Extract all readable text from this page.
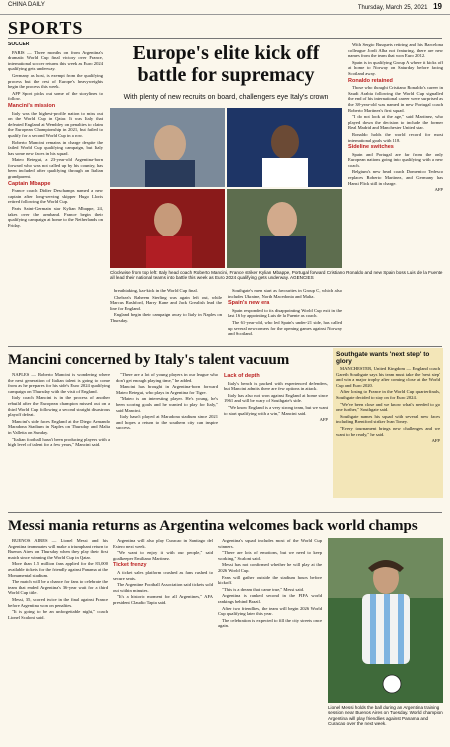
CHINA DAILY	Thursday, March 25, 2021 19
SPORTS
SOCCER

PARIS — Three months on from Argentina's dramatic World Cup final victory over France, international soccer returns this week as Euro 2024 qualifying gets underway.

Germany as host, is exempt from the qualifying process but the rest of Europe's heavyweights begin the process this week.

AFP Sport picks out some of the storylines to follow.

Mancini's mission

Italy was the highest-profile nation to miss out on the World Cup in Qatar. It was Italy that defeated England at Wembley on penalties to claim the European Championship in 2021, but failed to qualify for a second World Cup in a row.

Roberto Mancini remains in charge despite the failed World Cup qualifying campaign, but Italy has some new faces in his squad.

Mateo Retegui, a 23-year-old Argentina-born forward who was not called up by his country, has been included after qualifying through an Italian grandparent.

Captain Mbappe

France coach Didier Deschamps named a new captain after long-serving skipper Hugo Lloris retired following the World Cup.

Paris Saint-Germain star Kylian Mbappe, 24, takes over the armband. France begin their qualifying campaign at home to the Netherlands on Friday.

Europe's elite kick off battle for supremacy
With plenty of new recruits on board, challengers eye Italy's crown
Clockwise from top left: Italy head coach Roberto Mancini, France striker Kylian Mbappe, Portugal forward Cristiano Ronaldo and new Spain boss Luis de la Fuente all lead their national teams into battle this week as Euro 2024 qualifying gets underway. AGENCIES

breathtaking, kar-kick in the World Cup final.

Chelsea's Raheem Sterling was again left out, while Marcus Rashford, Harry Kane and Jack Grealish lead the line for England.

England begin their campaign away to Italy in Naples on Thursday.

Southgate's men start as favourites in Group C, which also includes Ukraine, North Macedonia and Malta.

Spain's new era

Spain responded to its disappointing World Cup exit in the last 16 by appointing Luis de la Fuente as coach.

The 61-year-old, who led Spain's under-21 side, has called up several newcomers for the opening games against Norway and Scotland.

With Sergio Busquets retiring and his Barcelona colleague Jordi Alba not featuring, there are new names from the team that won Euro 2012.

Spain is in qualifying Group A where it kicks off at home to Norway on Saturday before facing Scotland away.

Ronaldo retained

Those who thought Cristiano Ronaldo's career in Saudi Arabia following the World Cup signalled the end of his international career were surprised as the 38-year-old was named in new Portugal coach Roberto Martinez's first squad.

"I do not look at the age," said Martinez, who played down the decision to include the former Real Madrid and Manchester United star.

Ronaldo holds the world record for most international goals with 118.

Sideline switches

Spain and Portugal are far from the only European nations going into qualifying with a new coach.

Belgium's new head coach Domenico Tedesco replaces Roberto Martinez, and Germany has Hansi Flick still in charge.

AFP

Mancini concerned by Italy's talent vacuum

NAPLES — Roberto Mancini is wondering where the next generation of Italian talent is going to come from as he prepares for his side's Euro 2024 qualifying campaign on Thursday with the visit of England.

Italy coach Mancini is in the process of another rebuild after the European champion missed out on a third World Cup following a second straight disastrous playoff defeat.

Mancini's side faces England at the Diego Armando Maradona Stadium in Naples on Thursday and Malta in Valletta on Sunday.

"Italian football hasn't been producing players with a high level of talent for a few years," Mancini said.

"There are a lot of young players in our league who don't get enough playing time," he added.

Mancini has brought in Argentina-born forward Mateo Retegui, who plays in Argentina for Tigre.

"Mateo is an interesting player. He's young, he's been scoring goals and he wanted to play for Italy," said Mancini.

Italy hasn't played at Maradona stadium since 2021 and hopes a return to the southern city can inspire success.

Lack of depth

Italy's bench is packed with experienced defenders, but Mancini admits there are few options in attack.

Italy has also not won against England at home since 1961 and will be wary of Southgate's side.

"We know England is a very strong team, but we want to start qualifying with a win," Mancini said.

AFP

Southgate wants 'next step' to glory

MANCHESTER, United Kingdom — England coach Gareth Southgate says his team must take the 'next step' and win a major trophy after coming close at the World Cup and Euro 2020.

After losing to France in the World Cup quarterfinals, Southgate decided to stay on for Euro 2024.

"We've been close and we know what's needed to go one further," Southgate said.

Southgate names his squad with several new faces including Brentford striker Ivan Toney.

"Every tournament brings new challenges and we want to be ready," he said.

AFP

Messi mania returns as Argentina welcomes back world champs

BUENOS AIRES — Lionel Messi and his Argentina teammates will make a triumphant return to Buenos Aires on Thursday when they play their first match since winning the World Cup in Qatar.

More than 1.5 million fans applied for the 83,000 available tickets for the friendly against Panama at the Monumental stadium.

The match will be a chance for fans to celebrate the team that ended Argentina's 36-year wait for a third World Cup title.

Messi, 35, scored twice in the final against France before Argentina won on penalties.

"It is going to be an unforgettable night," coach Lionel Scaloni said.

Argentina will also play Curacao in Santiago del Estero next week.

"We want to enjoy it with our people," said goalkeeper Emiliano Martinez.

Ticket frenzy

A ticket sales platform crashed as fans rushed to secure seats.

The Argentine Football Association said tickets sold out within minutes.

"It's a historic moment for all Argentines," AFA president Claudio Tapia said.

Argentina's squad includes most of the World Cup winners.

"There are lots of emotions, but we need to keep working," Scaloni said.

Messi has not confirmed whether he will play at the 2026 World Cup.

Fans will gather outside the stadium hours before kickoff.

"This is a dream that came true," Messi said.

Argentina is ranked second in the FIFA world rankings behind Brazil.

After two friendlies, the team will begin 2026 World Cup qualifying later this year.

The celebration is expected to fill the city streets once again.

Lionel Messi holds the ball during an Argentina training session near Buenos Aires on Tuesday. World champion Argentina will play friendlies against Panama and Curacao over the next week.
